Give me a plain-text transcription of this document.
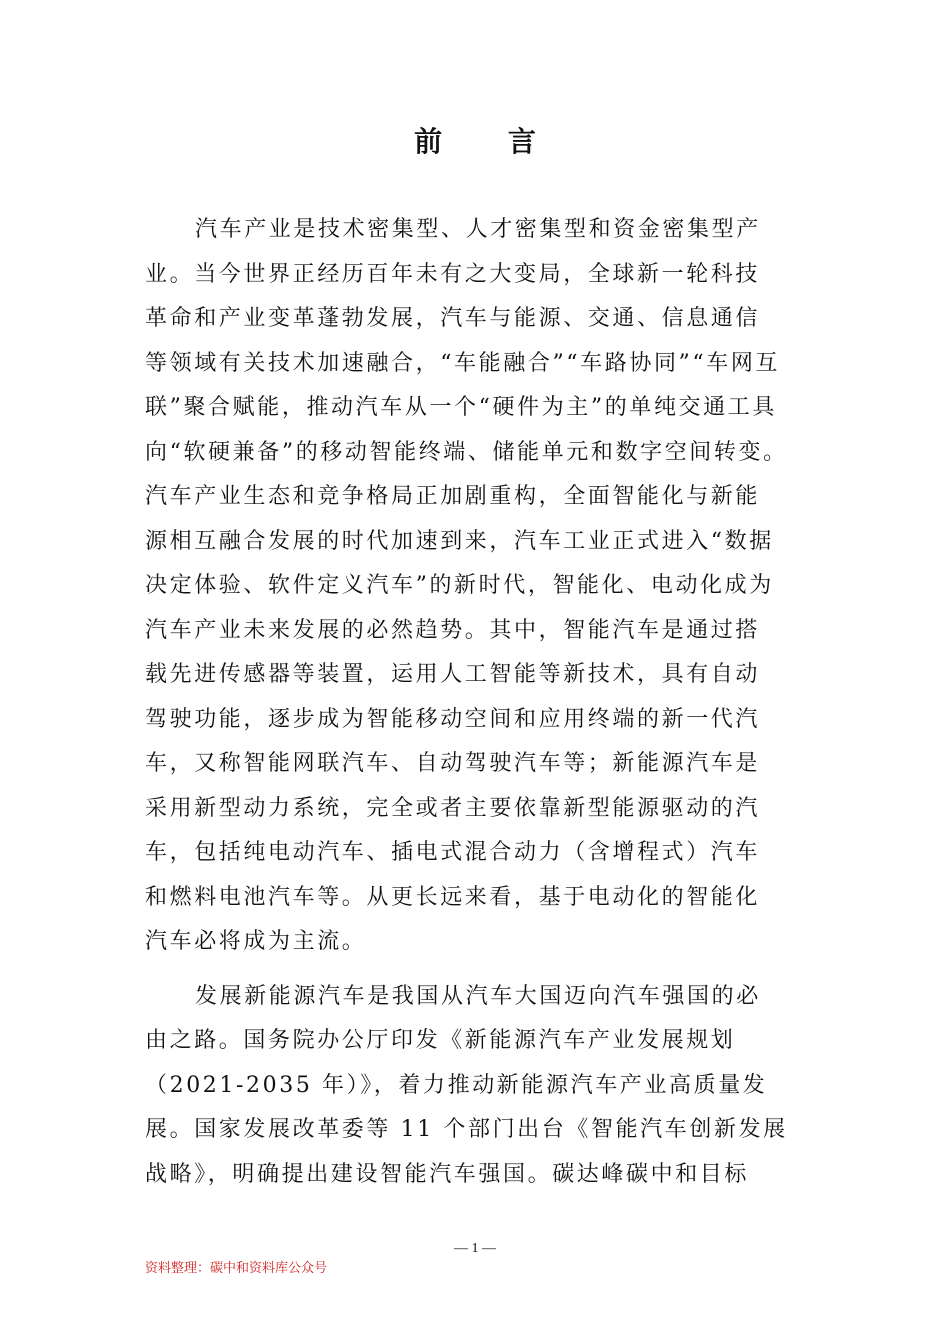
前 言

汽车产业是技术密集型、人才密集型和资金密集型产
业。当今世界正经历百年未有之大变局，全球新一轮科技
革命和产业变革蓬勃发展，汽车与能源、交通、信息通信
等领域有关技术加速融合，“车能融合”“车路协同”“车网互
联”聚合赋能，推动汽车从一个“硬件为主”的单纯交通工具
向“软硬兼备”的移动智能终端、储能单元和数字空间转变。
汽车产业生态和竞争格局正加剧重构，全面智能化与新能
源相互融合发展的时代加速到来，汽车工业正式进入“数据
决定体验、软件定义汽车”的新时代，智能化、电动化成为
汽车产业未来发展的必然趋势。其中，智能汽车是通过搭
载先进传感器等装置，运用人工智能等新技术，具有自动
驾驶功能，逐步成为智能移动空间和应用终端的新一代汽
车，又称智能网联汽车、自动驾驶汽车等；新能源汽车是
采用新型动力系统，完全或者主要依靠新型能源驱动的汽
车，包括纯电动汽车、插电式混合动力（含增程式）汽车
和燃料电池汽车等。从更长远来看，基于电动化的智能化
汽车必将成为主流。

发展新能源汽车是我国从汽车大国迈向汽车强国的必
由之路。国务院办公厅印发《新能源汽车产业发展规划
（2021-2035 年）》，着力推动新能源汽车产业高质量发
展。国家发展改革委等 11 个部门出台《智能汽车创新发展
战略》，明确提出建设智能汽车强国。碳达峰碳中和目标

— 1 —
资料整理：碳中和资料库公众号
